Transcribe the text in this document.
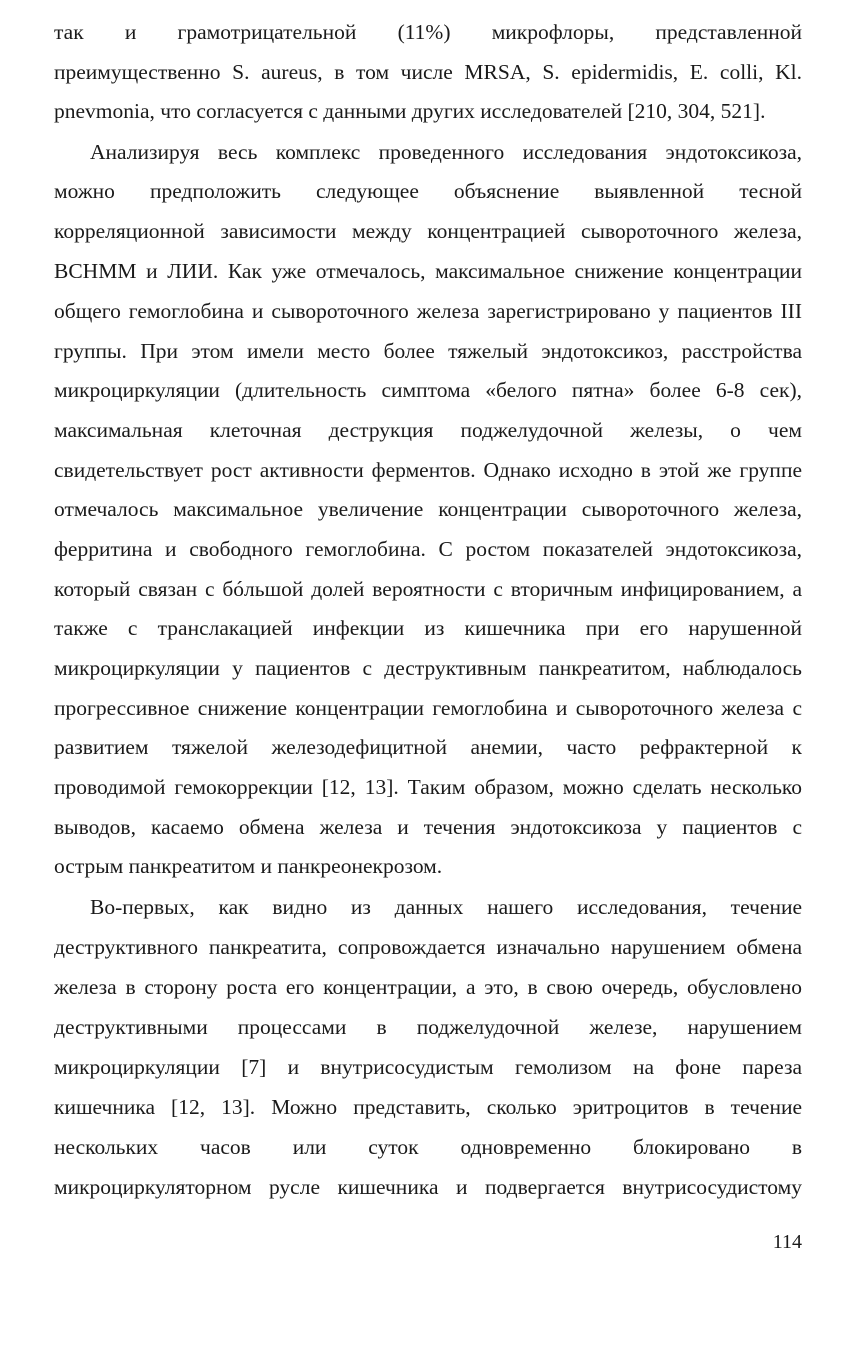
так и грамотрицательной (11%) микрофлоры, представленной
преимущественно S. aureus, в том числе MRSA, S. epidermidis, E. colli, Kl.
pnevmonia, что согласуется с данными других исследователей [210, 304, 521].
Анализируя весь комплекс проведенного исследования эндотоксикоза,
можно предположить следующее объяснение выявленной тесной
корреляционной зависимости между концентрацией сывороточного железа,
ВСНММ и ЛИИ. Как уже отмечалось, максимальное снижение концентрации
общего гемоглобина и сывороточного железа зарегистрировано у пациентов III
группы. При этом имели место более тяжелый эндотоксикоз, расстройства
микроциркуляции (длительность симптома «белого пятна» более 6-8 сек),
максимальная клеточная деструкция поджелудочной железы, о чем
свидетельствует рост активности ферментов. Однако исходно в этой же группе
отмечалось максимальное увеличение концентрации сывороточного железа,
ферритина и свободного гемоглобина. С ростом показателей эндотоксикоза,
который связан с бóльшой долей вероятности с вторичным инфицированием, а
также с транслакацией инфекции из кишечника при его нарушенной
микроциркуляции у пациентов с деструктивным панкреатитом, наблюдалось
прогрессивное снижение концентрации гемоглобина и сывороточного железа с
развитием тяжелой железодефицитной анемии, часто рефрактерной к
проводимой гемокоррекции [12, 13]. Таким образом, можно сделать несколько
выводов, касаемо обмена железа и течения эндотоксикоза у пациентов с
острым панкреатитом и панкреонекрозом.
Во-первых, как видно из данных нашего исследования, течение
деструктивного панкреатита, сопровождается изначально нарушением обмена
железа в сторону роста его концентрации, а это, в свою очередь, обусловлено
деструктивными процессами в поджелудочной железе, нарушением
микроциркуляции [7] и внутрисосудистым гемолизом на фоне пареза
кишечника [12, 13]. Можно представить, сколько эритроцитов в течение
нескольких часов или суток одновременно блокировано в
микроциркуляторном русле кишечника и подвергается внутрисосудистому
114
